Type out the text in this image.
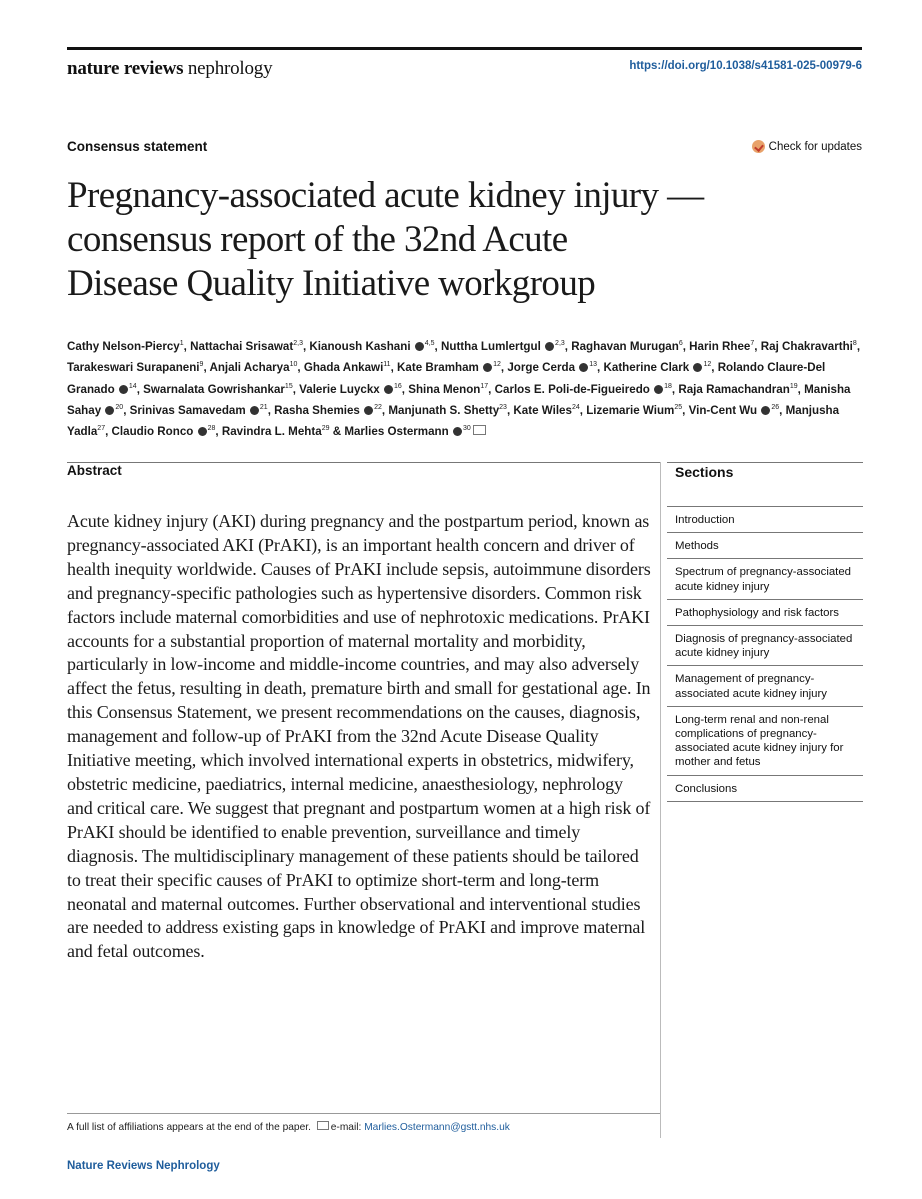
nature reviews nephrology	https://doi.org/10.1038/s41581-025-00979-6
Consensus statement	Check for updates
Pregnancy-associated acute kidney injury —
consensus report of the 32nd Acute
Disease Quality Initiative workgroup
Cathy Nelson-Piercy$^1$, Nattachai Srisawat$^{2,3}$, Kianoush Kashani $^{4,5}$, Nuttha Lumlertgul $^{2,3}$, Raghavan Murugan$^6$, Harin Rhee$^7$, Raj Chakravarthi$^8$, Tarakeswari Surapaneni$^9$, Anjali Acharya$^{10}$, Ghada Ankawi$^{11}$, Kate Bramham $^{12}$, Jorge Cerda $^{13}$, Katherine Clark $^{12}$, Rolando Claure-Del Granado $^{14}$, Swarnalata Gowrishankar$^{15}$, Valerie Luyckx $^{16}$, Shina Menon$^{17}$, Carlos E. Poli-de-Figueiredo $^{18}$, Raja Ramachandran$^{19}$, Manisha Sahay $^{20}$, Srinivas Samavedam $^{21}$, Rasha Shemies $^{22}$, Manjunath S. Shetty$^{23}$, Kate Wiles$^{24}$, Lizemarie Wium$^{25}$, Vin-Cent Wu $^{26}$, Manjusha Yadla$^{27}$, Claudio Ronco $^{28}$, Ravindra L. Mehta$^{29}$ & Marlies Ostermann $^{30}$
Abstract

Acute kidney injury (AKI) during pregnancy and the postpartum period, known as pregnancy-associated AKI (PrAKI), is an important health concern and driver of health inequity worldwide. Causes of PrAKI include sepsis, autoimmune disorders and pregnancy-specific pathologies such as hypertensive disorders. Common risk factors include maternal comorbidities and use of nephrotoxic medications. PrAKI accounts for a substantial proportion of maternal mortality and morbidity, particularly in low-income and middle-income countries, and may also adversely affect the fetus, resulting in death, premature birth and small for gestational age. In this Consensus Statement, we present recommendations on the causes, diagnosis, management and follow-up of PrAKI from the 32nd Acute Disease Quality Initiative meeting, which involved international experts in obstetrics, midwifery, obstetric medicine, paediatrics, internal medicine, anaesthesiology, nephrology and critical care. We suggest that pregnant and postpartum women at a high risk of PrAKI should be identified to enable prevention, surveillance and timely diagnosis. The multidisciplinary management of these patients should be tailored to treat their specific causes of PrAKI to optimize short-term and long-term neonatal and maternal outcomes. Further observational and interventional studies are needed to address existing gaps in knowledge of PrAKI and improve maternal and fetal outcomes.

Sections
Introduction
Methods
Spectrum of pregnancy-associated acute kidney injury
Pathophysiology and risk factors
Diagnosis of pregnancy-associated acute kidney injury
Management of pregnancy-associated acute kidney injury
Long-term renal and non-renal complications of pregnancy-associated acute kidney injury for mother and fetus
Conclusions
A full list of affiliations appears at the end of the paper. e-mail: Marlies.Ostermann@gstt.nhs.uk
Nature Reviews Nephrology
